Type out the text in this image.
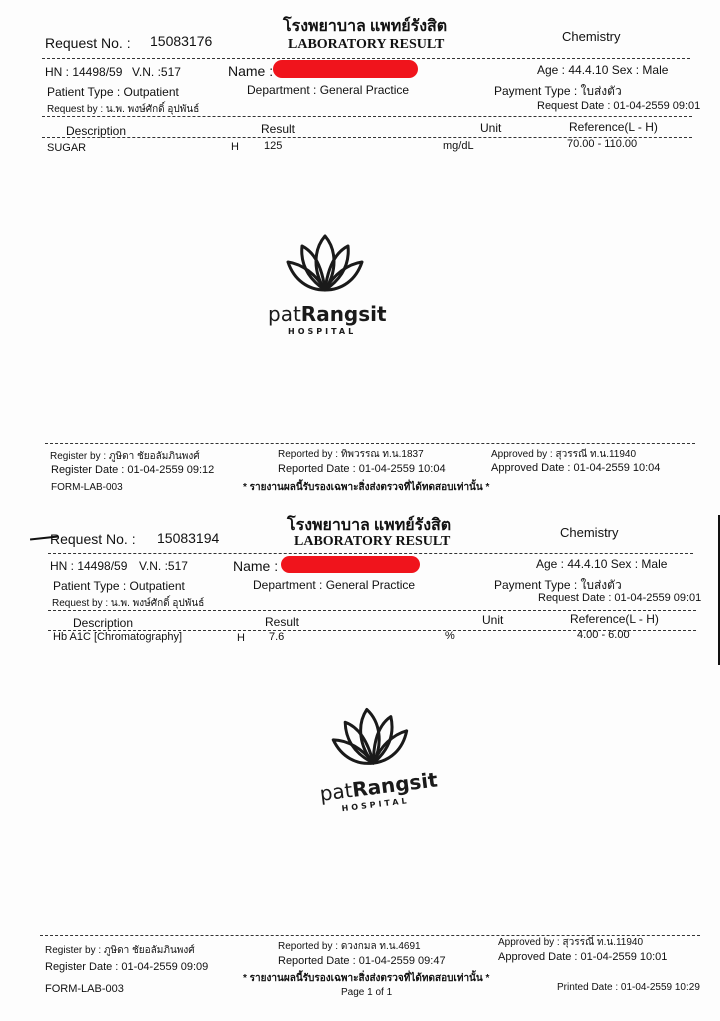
Request No. : 15083176
โรงพยาบาล แพทย์รังสิต
LABORATORY RESULT
Chemistry
HN : 14498/59 V.N. :517	Name :	Age : 44.4.10 Sex : Male
Patient Type : Outpatient	Department : General Practice	Payment Type : ใบส่งตัว
Request by : น.พ. พงษ์ศักดิ์ อุปพันธ์	Request Date : 01-04-2559 09:01
Description	Result	Unit	Reference(L - H)
SUGAR	H 125	mg/dL	70.00 - 110.00
patRangsit
HOSPITAL
Register by : ภูษิดา ชัยอลัมภินพงศ์
Register Date : 01-04-2559 09:12
Reported by : ทิพวรรณ ท.น.1837
Reported Date : 01-04-2559 10:04
Approved by : สุวรรณี ท.น.11940
Approved Date : 01-04-2559 10:04
FORM-LAB-003	* รายงานผลนี้รับรองเฉพาะสิ่งส่งตรวจที่ได้ทดสอบเท่านั้น *
Request No. : 15083194
โรงพยาบาล แพทย์รังสิต
LABORATORY RESULT
Chemistry
HN : 14498/59 V.N. :517	Name :	Age : 44.4.10 Sex : Male
Patient Type : Outpatient	Department : General Practice	Payment Type : ใบส่งตัว
Request by : น.พ. พงษ์ศักดิ์ อุปพันธ์	Request Date : 01-04-2559 09:01
Description	Result	Unit	Reference(L - H)
Hb A1C [Chromatography]	H 7.6	%	4.00 - 6.00
patRangsit
HOSPITAL
Register by : ภูษิดา ชัยอลัมภินพงศ์
Register Date : 01-04-2559 09:09
Reported by : ดวงกมล ท.น.4691
Reported Date : 01-04-2559 09:47
Approved by : สุวรรณี ท.น.11940
Approved Date : 01-04-2559 10:01
FORM-LAB-003
* รายงานผลนี้รับรองเฉพาะสิ่งส่งตรวจที่ได้ทดสอบเท่านั้น *
Page 1 of 1	Printed Date : 01-04-2559 10:29
